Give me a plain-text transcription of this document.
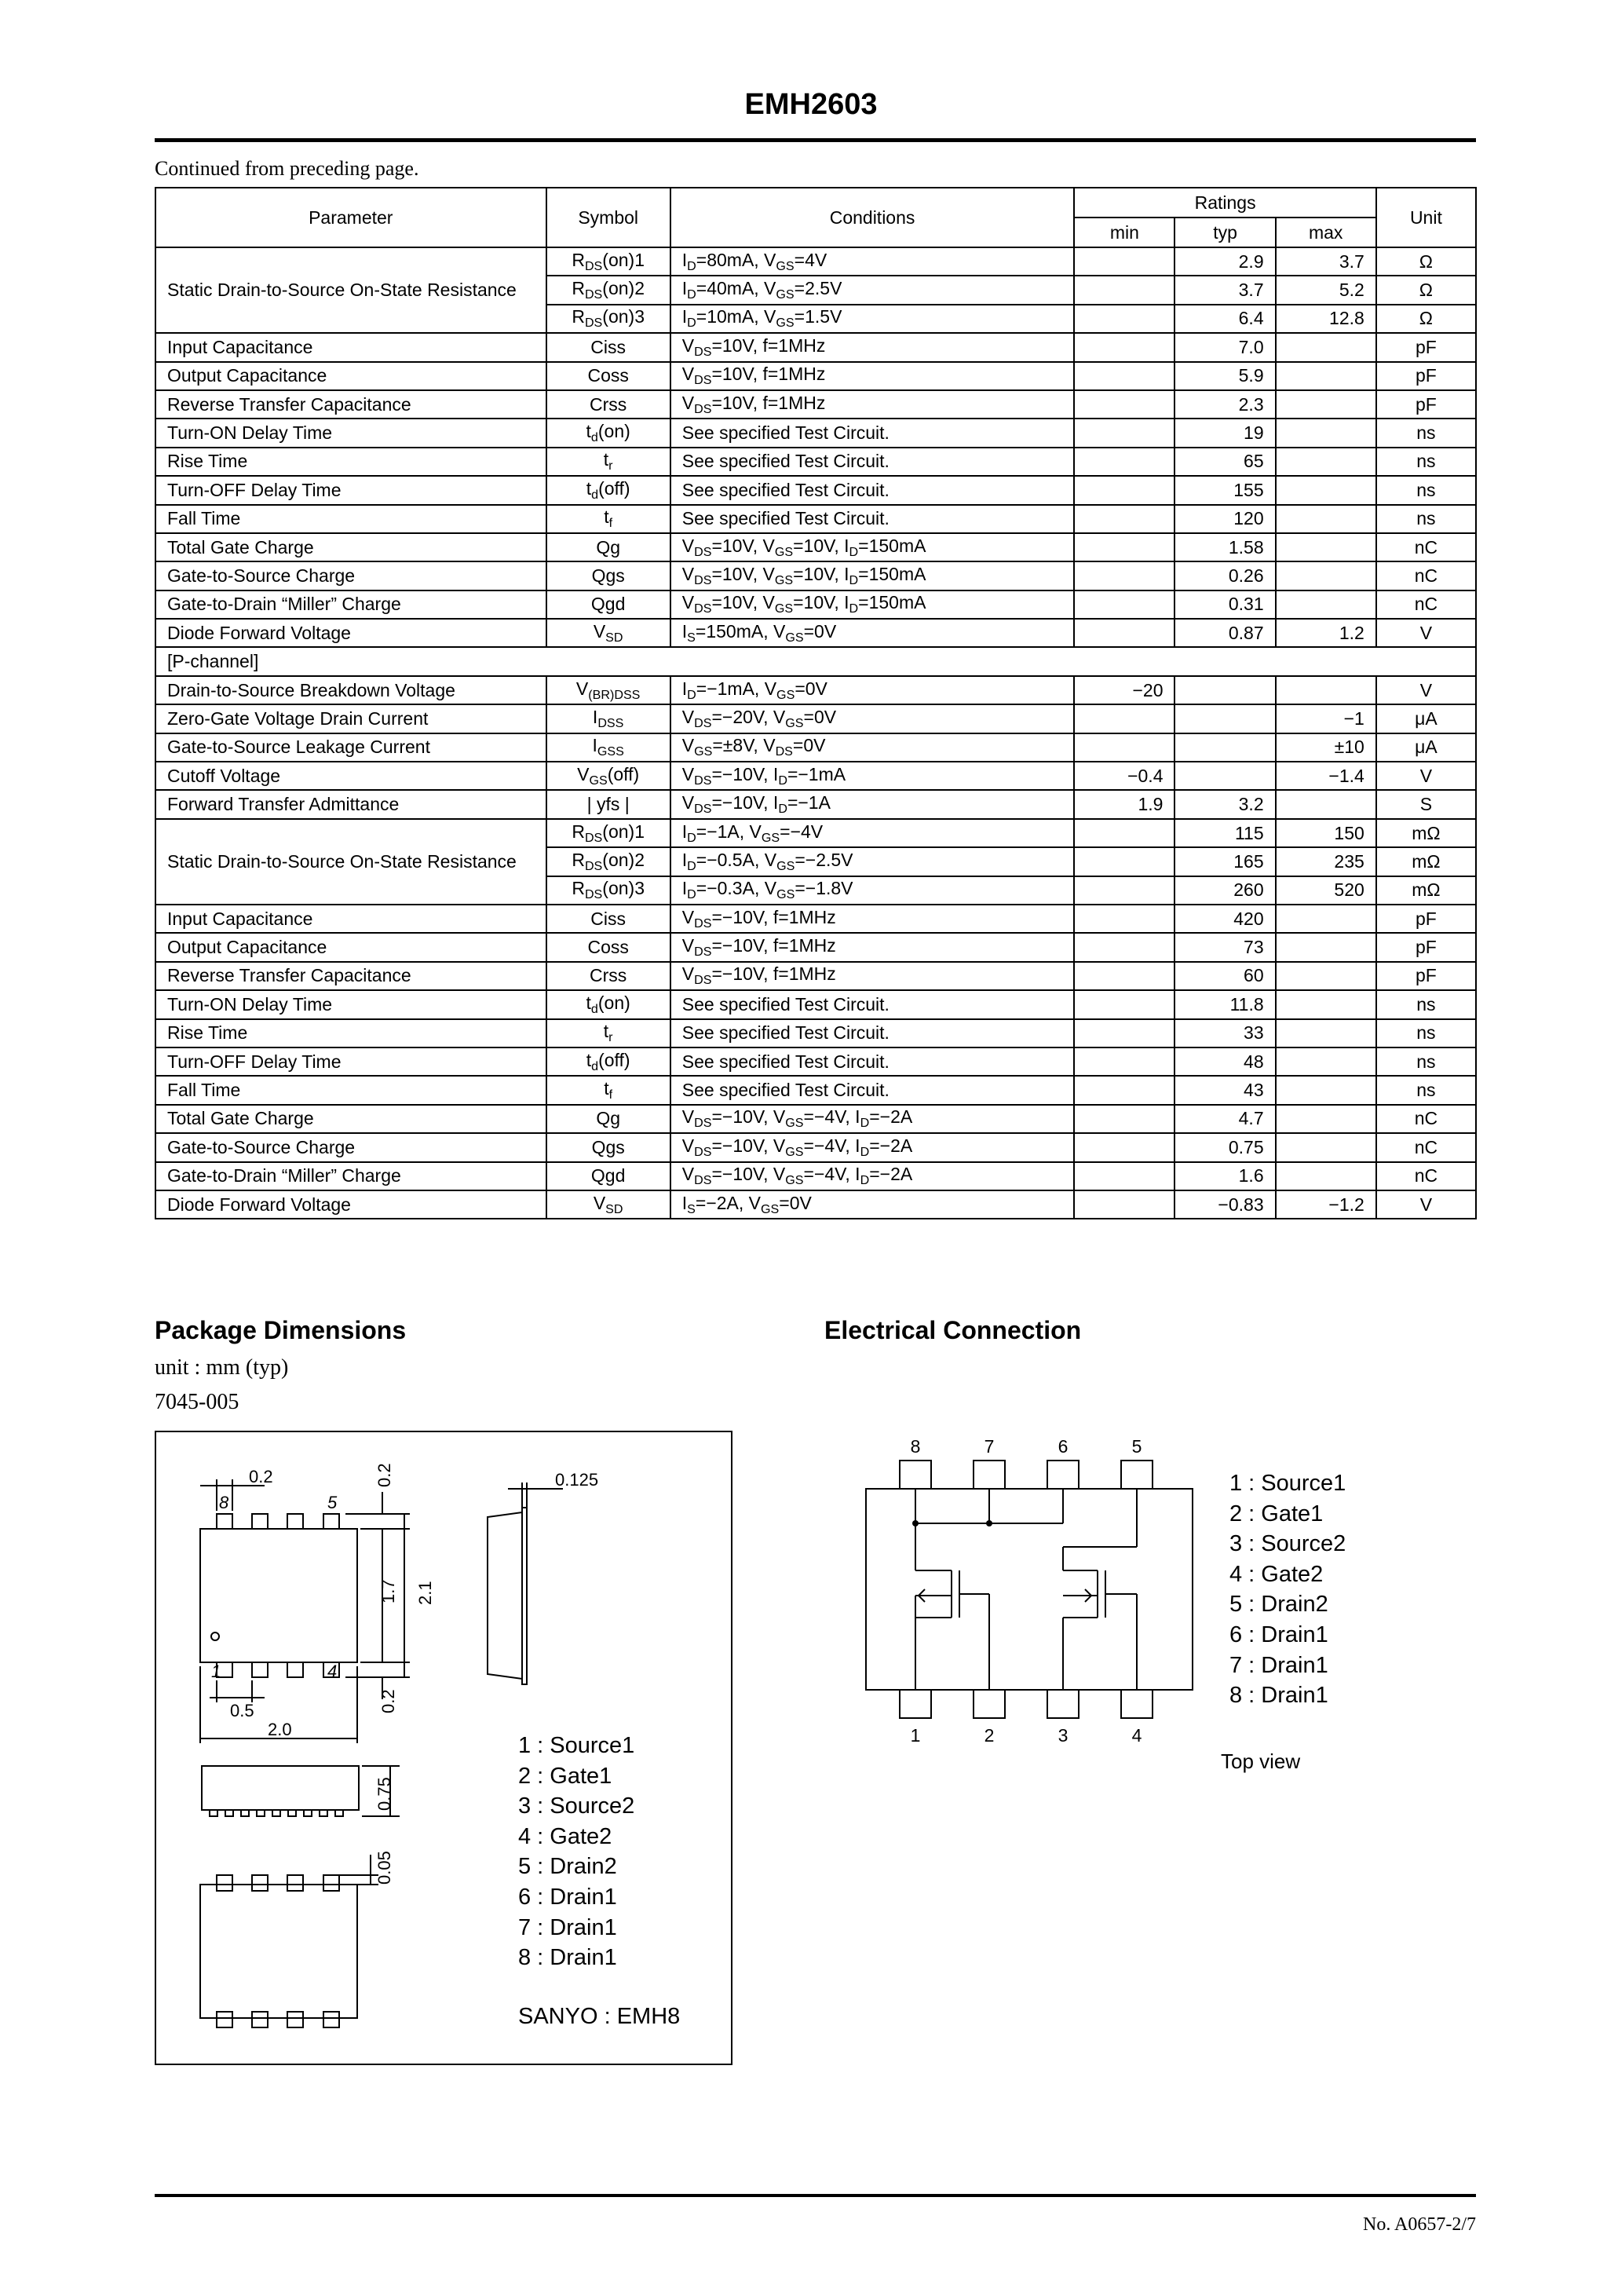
EMH2603
Continued from preceding page.
Parameter	Symbol	Conditions	Ratings			Unit
			min	typ	max	
Static Drain-to-Source On-State Resistance	$R_{DS}(on)1$	$I_D=80mA$, $V_{GS}=4V$		2.9	3.7	Ω
	$R_{DS}(on)2$	$I_D=40mA$, $V_{GS}=2.5V$		3.7	5.2	Ω
	$R_{DS}(on)3$	$I_D=10mA$, $V_{GS}=1.5V$		6.4	12.8	Ω
Input Capacitance	Ciss	$V_{DS}=10V$, f=1MHz		7.0		pF
Output Capacitance	Coss	$V_{DS}=10V$, f=1MHz		5.9		pF
Reverse Transfer Capacitance	Crss	$V_{DS}=10V$, f=1MHz		2.3		pF
Turn-ON Delay Time	$t_d(on)$	See specified Test Circuit.		19		ns
Rise Time	$t_r$	See specified Test Circuit.		65		ns
Turn-OFF Delay Time	$t_d(off)$	See specified Test Circuit.		155		ns
Fall Time	$t_f$	See specified Test Circuit.		120		ns
Total Gate Charge	Qg	$V_{DS}=10V$, $V_{GS}=10V$, $I_D=150mA$		1.58		nC
Gate-to-Source Charge	Qgs	$V_{DS}=10V$, $V_{GS}=10V$, $I_D=150mA$		0.26		nC
Gate-to-Drain “Miller” Charge	Qgd	$V_{DS}=10V$, $V_{GS}=10V$, $I_D=150mA$		0.31		nC
Diode Forward Voltage	$V_{SD}$	$I_S=150mA$, $V_{GS}=0V$		0.87	1.2	V
[P-channel]						
Drain-to-Source Breakdown Voltage	$V_{(BR)DSS}$	$I_D=-1mA$, $V_{GS}=0V$	−20			V
Zero-Gate Voltage Drain Current	$I_{DSS}$	$V_{DS}=-20V$, $V_{GS}=0V$			−1	μA
Gate-to-Source Leakage Current	$I_{GSS}$	$V_{GS}=\pm 8V$, $V_{DS}=0V$			±10	μA
Cutoff Voltage	$V_{GS}(off)$	$V_{DS}=-10V$, $I_D=-1mA$	−0.4		−1.4	V
Forward Transfer Admittance	| yfs |	$V_{DS}=-10V$, $I_D=-1A$	1.9	3.2		S
Static Drain-to-Source On-State Resistance	$R_{DS}(on)1$	$I_D=-1A$, $V_{GS}=-4V$		115	150	mΩ
	$R_{DS}(on)2$	$I_D=-0.5A$, $V_{GS}=-2.5V$		165	235	mΩ
	$R_{DS}(on)3$	$I_D=-0.3A$, $V_{GS}=-1.8V$		260	520	mΩ
Input Capacitance	Ciss	$V_{DS}=-10V$, f=1MHz		420		pF
Output Capacitance	Coss	$V_{DS}=-10V$, f=1MHz		73		pF
Reverse Transfer Capacitance	Crss	$V_{DS}=-10V$, f=1MHz		60		pF
Turn-ON Delay Time	$t_d(on)$	See specified Test Circuit.		11.8		ns
Rise Time	$t_r$	See specified Test Circuit.		33		ns
Turn-OFF Delay Time	$t_d(off)$	See specified Test Circuit.		48		ns
Fall Time	$t_f$	See specified Test Circuit.		43		ns
Total Gate Charge	Qg	$V_{DS}=-10V$, $V_{GS}=-4V$, $I_D=-2A$		4.7		nC
Gate-to-Source Charge	Qgs	$V_{DS}=-10V$, $V_{GS}=-4V$, $I_D=-2A$		0.75		nC
Gate-to-Drain “Miller” Charge	Qgd	$V_{DS}=-10V$, $V_{GS}=-4V$, $I_D=-2A$		1.6		nC
Diode Forward Voltage	$V_{SD}$	$I_S=-2A$, $V_{GS}=0V$		−0.83	−1.2	V
Package Dimensions
unit : mm (typ)
7045-005
0.2	0.2	0.125
1.7 2.1
0.2
0.5
2.0
0.75
0.05
8	5
1	4
1 : Source1
2 : Gate1
3 : Source2
4 : Gate2
5 : Drain2
6 : Drain1
7 : Drain1
8 : Drain1
SANYO : EMH8
Electrical Connection
8	7	6	5
1	2	3	4
1 : Source1
2 : Gate1
3 : Source2
4 : Gate2
5 : Drain2
6 : Drain1
7 : Drain1
8 : Drain1
Top view
No. A0657-2/7
